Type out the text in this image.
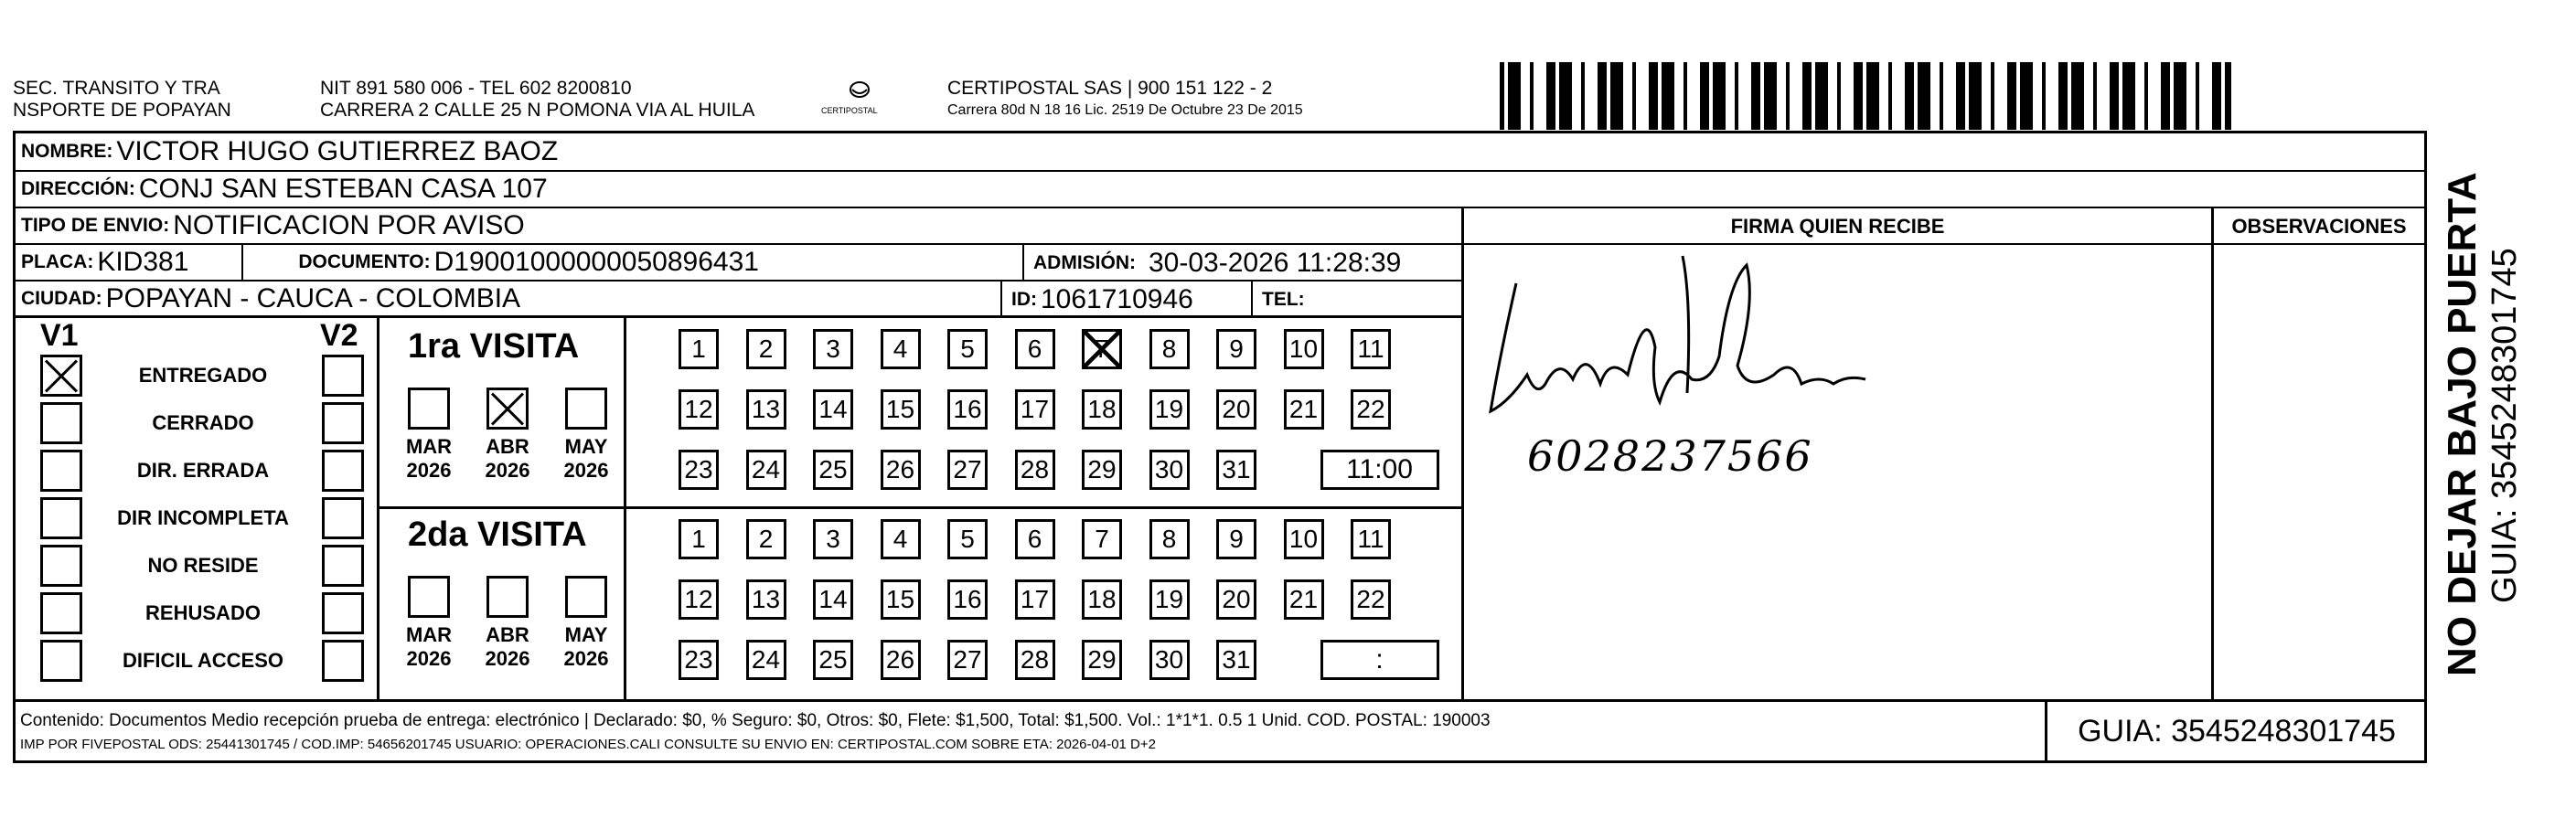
SEC. TRANSITO Y TRA
NSPORTE DE POPAYAN
NIT 891 580 006 - TEL 602 8200810
CARRERA 2 CALLE 25 N POMONA VIA AL HUILA	CERTIPOSTAL
CERTIPOSTAL SAS | 900 151 122 - 2
Carrera 80d N 18 16 Lic. 2519 De Octubre 23 De 2015
NOMBRE: VICTOR HUGO GUTIERREZ BAOZ
DIRECCIÓN: CONJ SAN ESTEBAN CASA 107
TIPO DE ENVIO: NOTIFICACION POR AVISO
PLACA: KID381	DOCUMENTO: D19001000000050896431	ADMISIÓN: 30-03-2026 11:28:39
CIUDAD: POPAYAN - CAUCA - COLOMBIA	ID: 1061710946	TEL:
FIRMA QUIEN RECIBE	OBSERVACIONES
6028237566
V1	V2
ENTREGADO
CERRADO
DIR. ERRADA
DIR INCOMPLETA
NO RESIDE
REHUSADO
DIFICIL ACCESO
1ra VISITA
2da VISITA
MAR
2026
ABR
2026
MAY
2026
MAR
2026
ABR
2026
MAY
2026
1	2	3	4	5	6	7	8	9	10 11
12 13 14 15 16 17 18 19 20 21 22
23 24 25 26 27 28 29 30 31	11:00
1	2	3	4	5	6	7	8	9	10 11
12 13 14 15 16 17 18 19 20 21 22
23 24 25 26 27 28 29 30 31	:
Contenido: Documentos Medio recepción prueba de entrega: electrónico | Declarado: $0, % Seguro: $0, Otros: $0, Flete: $1,500, Total: $1,500. Vol.: 1*1*1. 0.5 1 Unid. COD. POSTAL: 190003
IMP POR FIVEPOSTAL ODS: 25441301745 / COD.IMP: 54656201745 USUARIO: OPERACIONES.CALI CONSULTE SU ENVIO EN: CERTIPOSTAL.COM SOBRE ETA: 2026-04-01 D+2	GUIA: 3545248301745
NO DEJAR BAJO PUERTA GUIA: 3545248301745
